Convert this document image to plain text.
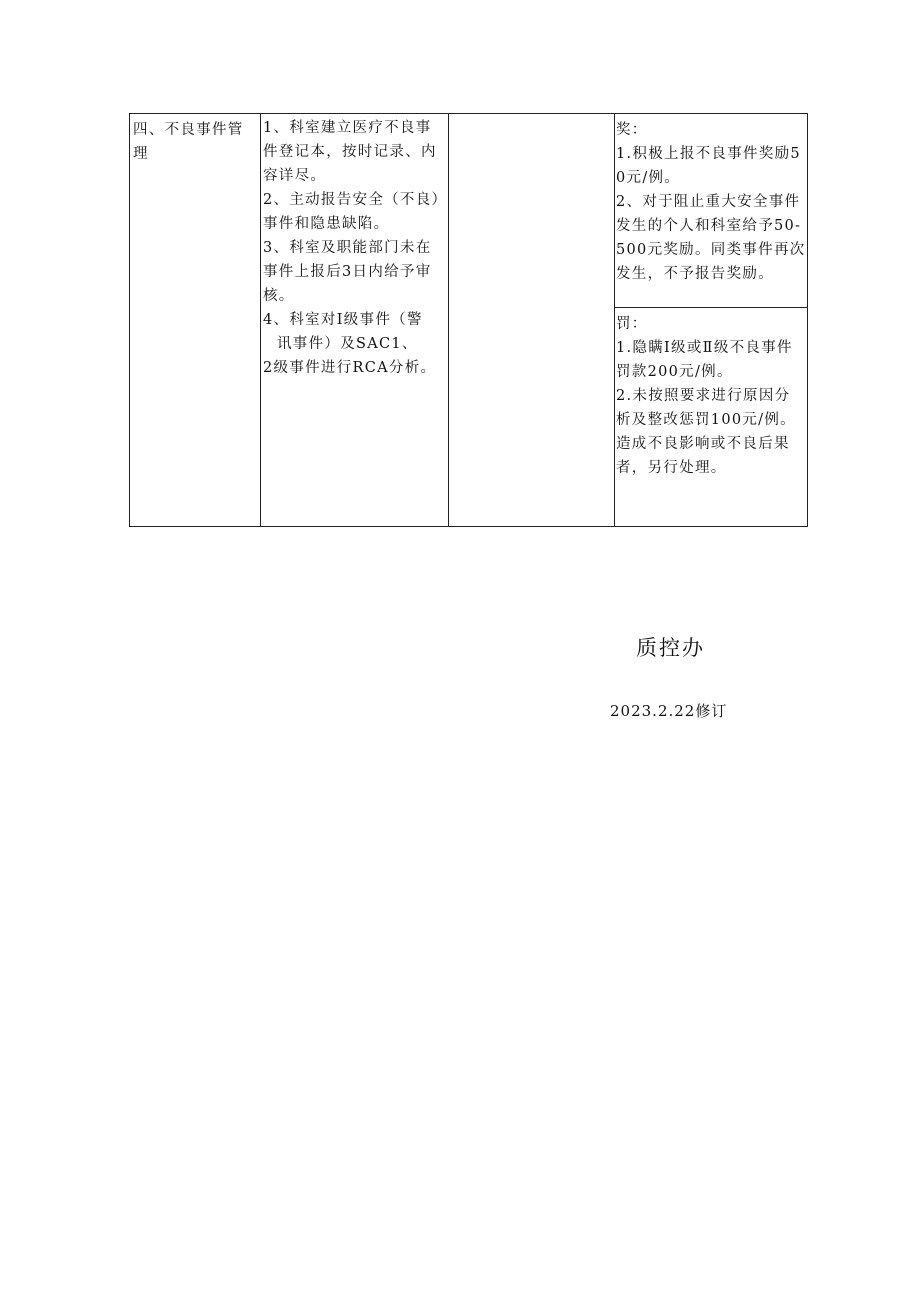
四、不良事件管理
1、科室建立医疗不良事件登记本，按时记录、内容详尽。
2、主动报告安全（不良）事件和隐患缺陷。
3、科室及职能部门未在事件上报后3日内给予审核。
4、科室对Ⅰ级事件（警
讯事件）及SAC1、
2级事件进行RCA分析。
奖：
1.积极上报不良事件奖励50元/例。
2、对于阻止重大安全事件发生的个人和科室给予50-500元奖励。同类事件再次发生，不予报告奖励。
罚：
1.隐瞒Ⅰ级或Ⅱ级不良事件罚款200元/例。
2.未按照要求进行原因分析及整改惩罚100元/例。造成不良影响或不良后果者，另行处理。
质控办
2023.2.22修订
